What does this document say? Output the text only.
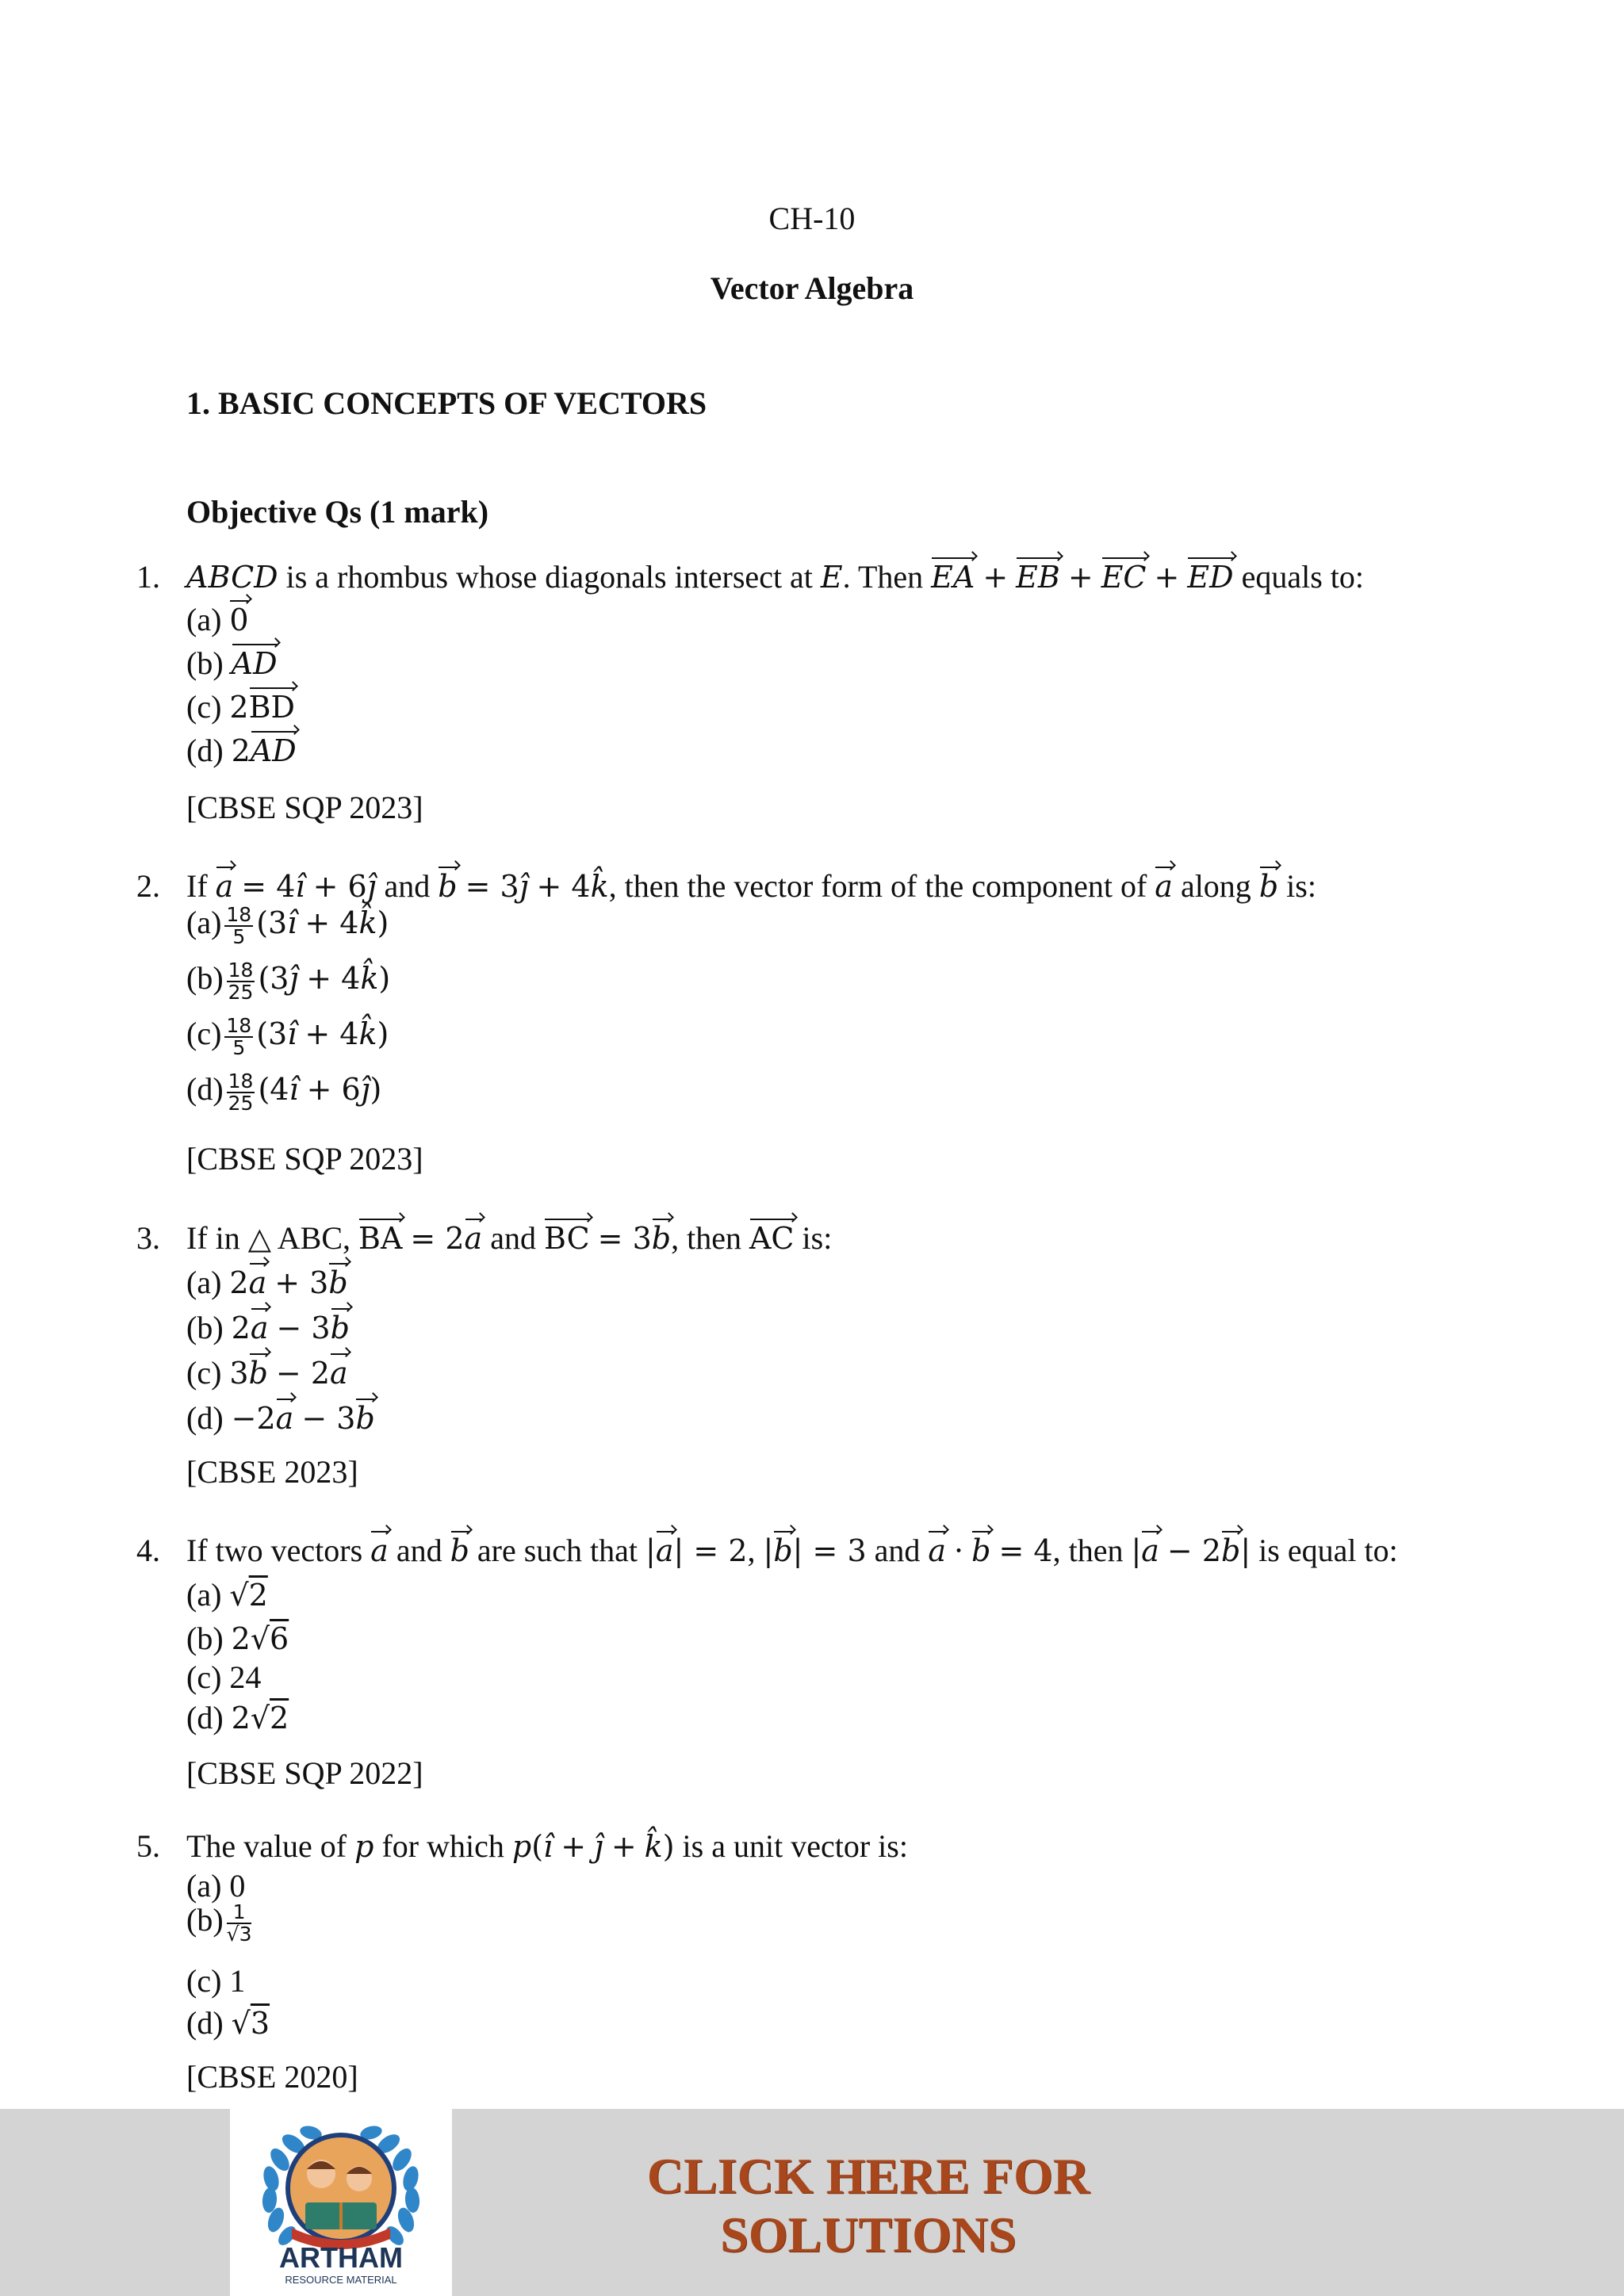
CH-10
Vector Algebra
1. BASIC CONCEPTS OF VECTORS
Objective Qs (1 mark)
1. ABCD is a rhombus whose diagonals intersect at E. Then EA + EB + EC + ED equals to:
(a) 0
(b) AD
(c) 2BD
(d) 2AD
[CBSE SQP 2023]
2. If a = 4î + 6ĵ and b = 3ĵ + 4k̂, then the vector form of the component of a along b is:
$(a) \frac{18}{5}$ (3î + 4k̂)
$(b) \frac{18}{25}$ (3ĵ + 4k̂)
$(c) \frac{18}{5}$ (3î + 4k̂)
$(d) \frac{18}{25}$ (4î + 6ĵ)
[CBSE SQP 2023]
3. If in △ ABC, BA = 2a and BC = 3b, then AC is:
(a) 2a + 3b
(b) 2a − 3b
(c) 3b − 2a
(d) −2a − 3b
[CBSE 2023]
4. If two vectors a and b are such that |a| = 2, |b| = 3 and a · b = 4, then |a − 2b| is equal to:
(a) √2
(b) 2√6
(c) 24
(d) 2√2
[CBSE SQP 2022]
5. The value of p for which p(î + ĵ + k̂) is a unit vector is:
(a) 0
$(b) \frac{1}{√3}$
(c) 1
(d) √3
[CBSE 2020]
ARTHAM
RESOURCE MATERIAL
CLICK HERE FOR SOLUTIONS
